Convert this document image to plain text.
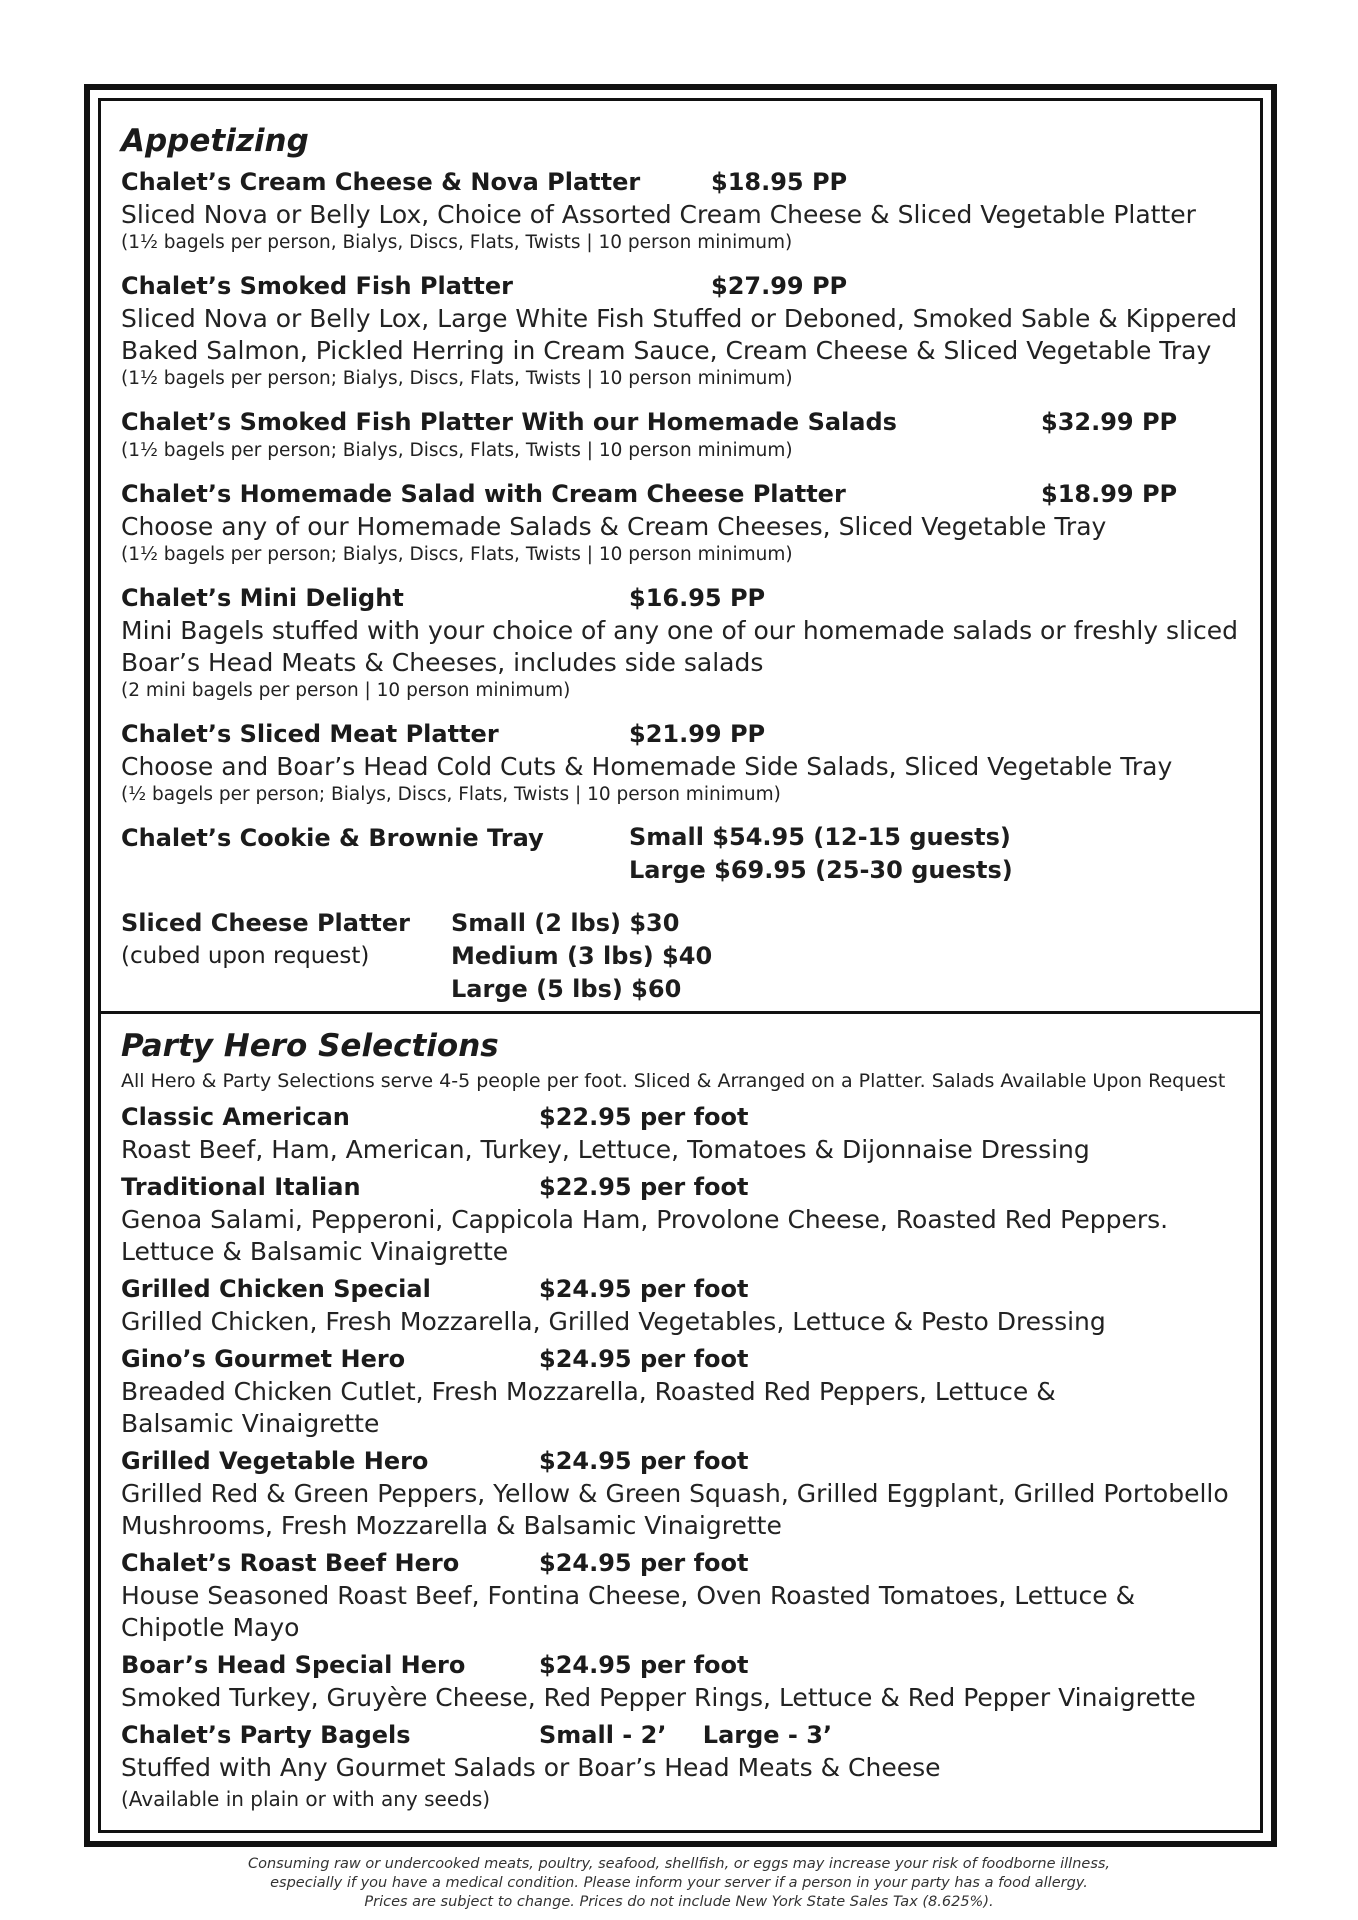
Appetizing
Chalet’s Cream Cheese & Nova Platter	$18.95 PP
Sliced Nova or Belly Lox, Choice of Assorted Cream Cheese & Sliced Vegetable Platter
(1½ bagels per person, Bialys, Discs, Flats, Twists | 10 person minimum)
Chalet’s Smoked Fish Platter	$27.99 PP
Sliced Nova or Belly Lox, Large White Fish Stuffed or Deboned, Smoked Sable & Kippered
Baked Salmon, Pickled Herring in Cream Sauce, Cream Cheese & Sliced Vegetable Tray
(1½ bagels per person; Bialys, Discs, Flats, Twists | 10 person minimum)
Chalet’s Smoked Fish Platter With our Homemade Salads	$32.99 PP
(1½ bagels per person; Bialys, Discs, Flats, Twists | 10 person minimum)
Chalet’s Homemade Salad with Cream Cheese Platter	$18.99 PP
Choose any of our Homemade Salads & Cream Cheeses, Sliced Vegetable Tray
(1½ bagels per person; Bialys, Discs, Flats, Twists | 10 person minimum)
Chalet’s Mini Delight	$16.95 PP
Mini Bagels stuffed with your choice of any one of our homemade salads or freshly sliced
Boar’s Head Meats & Cheeses, includes side salads
(2 mini bagels per person | 10 person minimum)
Chalet’s Sliced Meat Platter	$21.99 PP
Choose and Boar’s Head Cold Cuts & Homemade Side Salads, Sliced Vegetable Tray
(½ bagels per person; Bialys, Discs, Flats, Twists | 10 person minimum)
Chalet’s Cookie & Brownie Tray	Small $54.95 (12-15 guests)
Large $69.95 (25-30 guests)
Sliced Cheese Platter
(cubed upon request)
Small (2 lbs) $30
Medium (3 lbs) $40
Large (5 lbs) $60
Party Hero Selections
All Hero & Party Selections serve 4-5 people per foot. Sliced & Arranged on a Platter. Salads Available Upon Request
Classic American	$22.95 per foot
Roast Beef, Ham, American, Turkey, Lettuce, Tomatoes & Dijonnaise Dressing
Traditional Italian	$22.95 per foot
Genoa Salami, Pepperoni, Cappicola Ham, Provolone Cheese, Roasted Red Peppers.
Lettuce & Balsamic Vinaigrette
Grilled Chicken Special	$24.95 per foot
Grilled Chicken, Fresh Mozzarella, Grilled Vegetables, Lettuce & Pesto Dressing
Gino’s Gourmet Hero	$24.95 per foot
Breaded Chicken Cutlet, Fresh Mozzarella, Roasted Red Peppers, Lettuce &
Balsamic Vinaigrette
Grilled Vegetable Hero	$24.95 per foot
Grilled Red & Green Peppers, Yellow & Green Squash, Grilled Eggplant, Grilled Portobello
Mushrooms, Fresh Mozzarella & Balsamic Vinaigrette
Chalet’s Roast Beef Hero	$24.95 per foot
House Seasoned Roast Beef, Fontina Cheese, Oven Roasted Tomatoes, Lettuce &
Chipotle Mayo
Boar’s Head Special Hero	$24.95 per foot
Smoked Turkey, Gruyère Cheese, Red Pepper Rings, Lettuce & Red Pepper Vinaigrette
Chalet’s Party Bagels	Small - 2’ Large - 3’
Stuffed with Any Gourmet Salads or Boar’s Head Meats & Cheese
(Available in plain or with any seeds)
Consuming raw or undercooked meats, poultry, seafood, shellfish, or eggs may increase your risk of foodborne illness,
especially if you have a medical condition. Please inform your server if a person in your party has a food allergy.
Prices are subject to change. Prices do not include New York State Sales Tax (8.625%).
